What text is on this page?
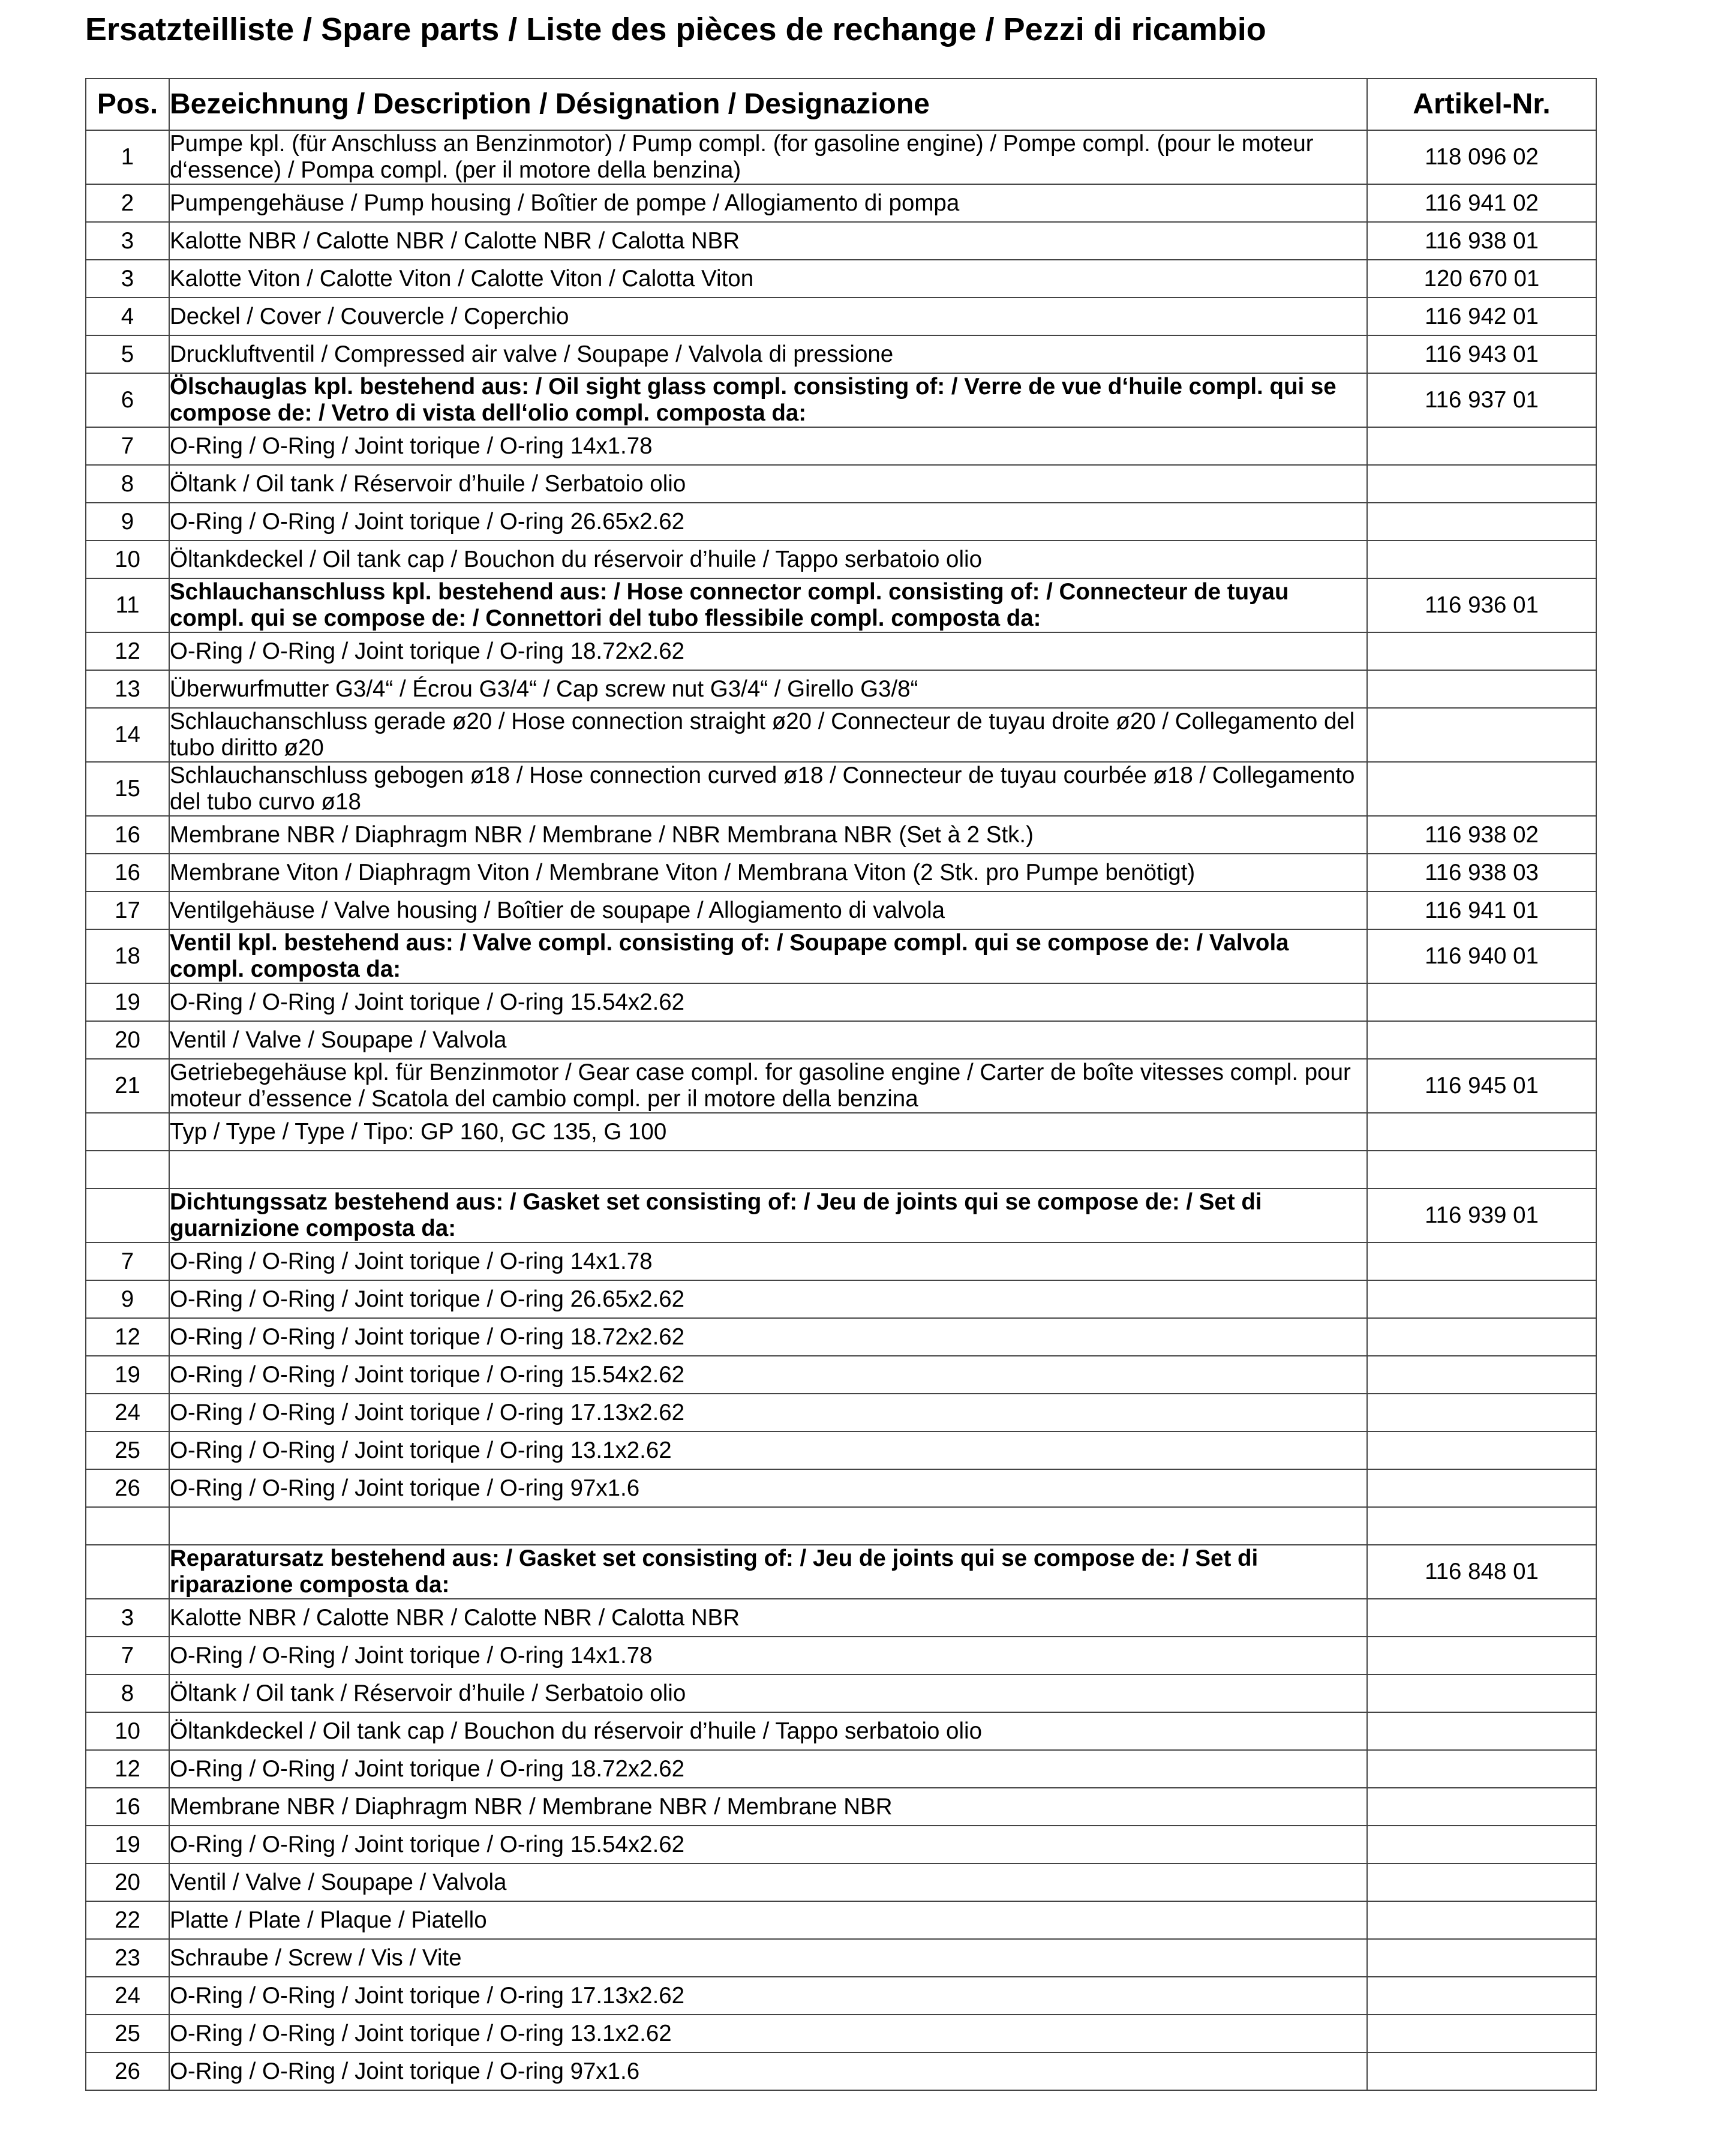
Ersatzteilliste / Spare parts / Liste des pièces de rechange / Pezzi di ricambio
Pos.	Bezeichnung / Description / Désignation / Designazione	Artikel-Nr.
1	Pumpe kpl. (für Anschluss an Benzinmotor) / Pump compl. (for gasoline engine) / Pompe compl. (pour le moteur d‘essence) / Pompa compl. (per il motore della benzina)	118 096 02
2	Pumpengehäuse / Pump housing / Boîtier de pompe / Allogiamento di pompa	116 941 02
3	Kalotte NBR / Calotte NBR / Calotte NBR / Calotta NBR	116 938 01
3	Kalotte Viton / Calotte Viton / Calotte Viton / Calotta Viton	120 670 01
4	Deckel / Cover / Couvercle / Coperchio	116 942 01
5	Druckluftventil / Compressed air valve / Soupape / Valvola di pressione	116 943 01
6	Ölschauglas kpl. bestehend aus: / Oil sight glass compl. consisting of: / Verre de vue d‘huile compl. qui se compose de: / Vetro di vista dell‘olio compl. composta da:	116 937 01
7	O-Ring / O-Ring / Joint torique / O-ring 14x1.78	
8	Öltank / Oil tank / Réservoir d’huile / Serbatoio olio	
9	O-Ring / O-Ring / Joint torique / O-ring 26.65x2.62	
10	Öltankdeckel / Oil tank cap / Bouchon du réservoir d’huile / Tappo serbatoio olio	
11	Schlauchanschluss kpl. bestehend aus: / Hose connector compl. consisting of: / Connecteur de tuyau compl. qui se compose de: / Connettori del tubo flessibile compl. composta da:	116 936 01
12	O-Ring / O-Ring / Joint torique / O-ring 18.72x2.62	
13	Überwurfmutter G3/4“ / Écrou G3/4“ / Cap screw nut G3/4“ / Girello G3/8“	
14	Schlauchanschluss gerade ø20 / Hose connection straight ø20 / Connecteur de tuyau droite ø20 / Collegamento del tubo diritto ø20	
15	Schlauchanschluss gebogen ø18 / Hose connection curved ø18 / Connecteur de tuyau courbée ø18 / Collegamento del tubo curvo ø18	
16	Membrane NBR / Diaphragm NBR / Membrane / NBR Membrana NBR (Set à 2 Stk.)	116 938 02
16	Membrane Viton / Diaphragm Viton / Membrane Viton / Membrana Viton (2 Stk. pro Pumpe benötigt)	116 938 03
17	Ventilgehäuse / Valve housing / Boîtier de soupape / Allogiamento di valvola	116 941 01
18	Ventil kpl. bestehend aus: / Valve compl. consisting of: / Soupape compl. qui se compose de: / Valvola compl. composta da:	116 940 01
19	O-Ring / O-Ring / Joint torique / O-ring 15.54x2.62	
20	Ventil / Valve / Soupape / Valvola	
21	Getriebegehäuse kpl. für Benzinmotor / Gear case compl. for gasoline engine / Carter de boîte vitesses compl. pour moteur d’essence / Scatola del cambio compl. per il motore della benzina	116 945 01
	Typ / Type / Type / Tipo: GP 160, GC 135, G 100	

	Dichtungssatz bestehend aus: / Gasket set consisting of: / Jeu de joints qui se compose de: / Set di guarnizione composta da:	116 939 01
7	O-Ring / O-Ring / Joint torique / O-ring 14x1.78	
9	O-Ring / O-Ring / Joint torique / O-ring 26.65x2.62	
12	O-Ring / O-Ring / Joint torique / O-ring 18.72x2.62	
19	O-Ring / O-Ring / Joint torique / O-ring 15.54x2.62	
24	O-Ring / O-Ring / Joint torique / O-ring 17.13x2.62	
25	O-Ring / O-Ring / Joint torique / O-ring 13.1x2.62	
26	O-Ring / O-Ring / Joint torique / O-ring 97x1.6	

	Reparatursatz bestehend aus: / Gasket set consisting of: / Jeu de joints qui se compose de: / Set di riparazione composta da:	116 848 01
3	Kalotte NBR / Calotte NBR / Calotte NBR / Calotta NBR	
7	O-Ring / O-Ring / Joint torique / O-ring 14x1.78	
8	Öltank / Oil tank / Réservoir d’huile / Serbatoio olio	
10	Öltankdeckel / Oil tank cap / Bouchon du réservoir d’huile / Tappo serbatoio olio	
12	O-Ring / O-Ring / Joint torique / O-ring 18.72x2.62	
16	Membrane NBR / Diaphragm NBR / Membrane NBR / Membrane NBR	
19	O-Ring / O-Ring / Joint torique / O-ring 15.54x2.62	
20	Ventil / Valve / Soupape / Valvola	
22	Platte / Plate / Plaque / Piatello	
23	Schraube / Screw / Vis / Vite	
24	O-Ring / O-Ring / Joint torique / O-ring 17.13x2.62	
25	O-Ring / O-Ring / Joint torique / O-ring 13.1x2.62	
26	O-Ring / O-Ring / Joint torique / O-ring 97x1.6	
